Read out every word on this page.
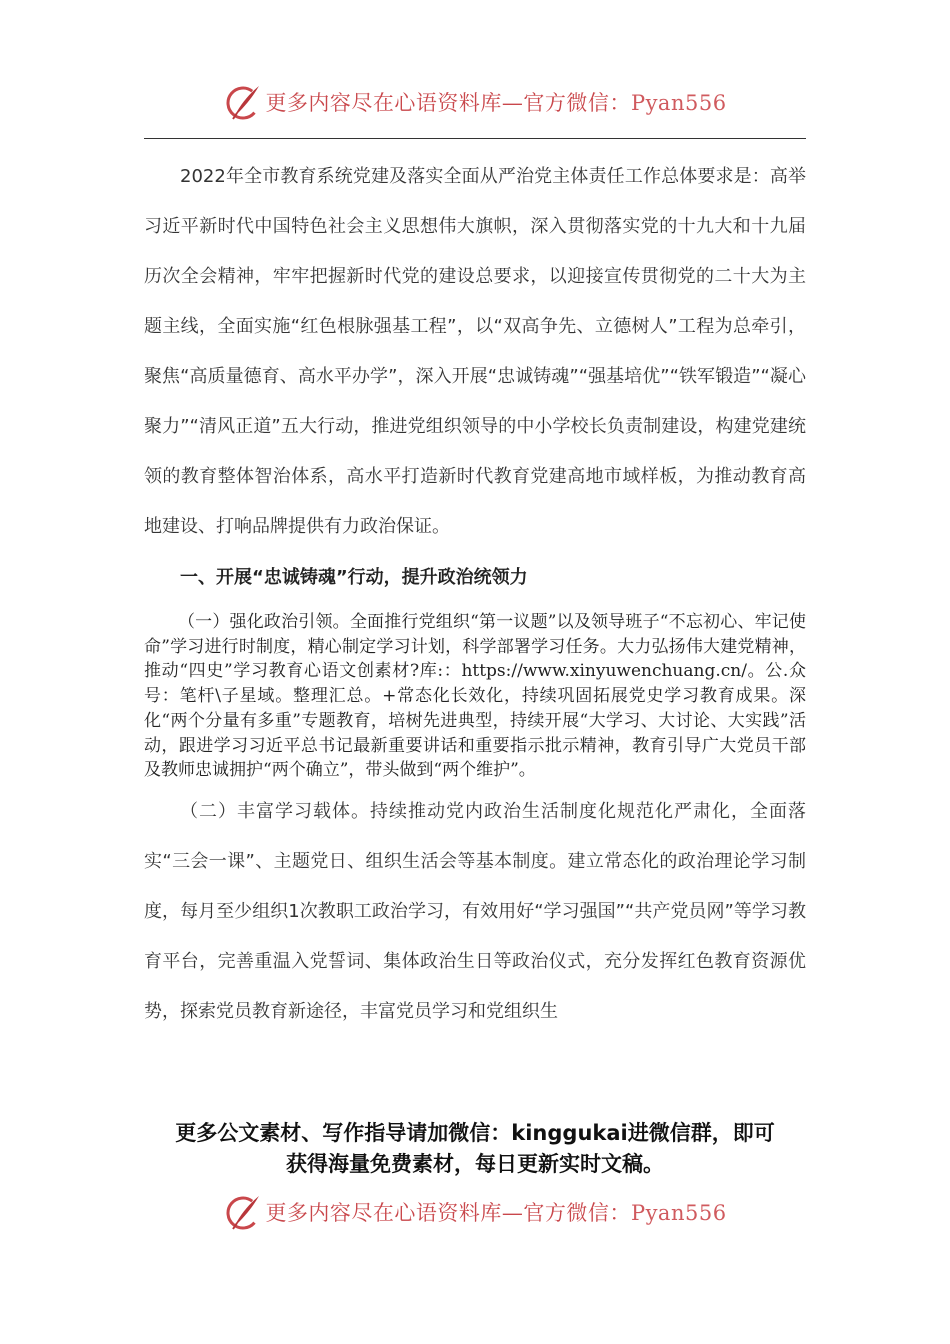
更多内容尽在心语资料库—官方微信：Pyan556

2022年全市教育系统党建及落实全面从严治党主体责任工作总体要求是：高举习近平新时代中国特色社会主义思想伟大旗帜，深入贯彻落实党的十九大和十九届历次全会精神，牢牢把握新时代党的建设总要求，以迎接宣传贯彻党的二十大为主题主线，全面实施“红色根脉强基工程”，以“双高争先、立德树人”工程为总牵引，聚焦“高质量德育、高水平办学”，深入开展“忠诚铸魂”“强基培优”“铁军锻造”“凝心聚力”“清风正道”五大行动，推进党组织领导的中小学校长负责制建设，构建党建统领的教育整体智治体系，高水平打造新时代教育党建高地市域样板，为推动教育高地建设、打响品牌提供有力政治保证。

一、开展“忠诚铸魂”行动，提升政治统领力

（一）强化政治引领。全面推行党组织“第一议题”以及领导班子“不忘初心、牢记使命”学习进行时制度，精心制定学习计划，科学部署学习任务。大力弘扬伟大建党精神，推动“四史”学习教育心语文创素材?库:：https://www.xinyuwenchuang.cn/。公.众号：笔杆\子星域。整理汇总。+常态化长效化，持续巩固拓展党史学习教育成果。深化“两个分量有多重”专题教育，培树先进典型，持续开展“大学习、大讨论、大实践”活动，跟进学习习近平总书记最新重要讲话和重要指示批示精神，教育引导广大党员干部及教师忠诚拥护“两个确立”，带头做到“两个维护”。

（二）丰富学习载体。持续推动党内政治生活制度化规范化严肃化，全面落实“三会一课”、主题党日、组织生活会等基本制度。建立常态化的政治理论学习制度，每月至少组织1次教职工政治学习，有效用好“学习强国”“共产党员网”等学习教育平台，完善重温入党誓词、集体政治生日等政治仪式，充分发挥红色教育资源优势，探索党员教育新途径，丰富党员学习和党组织生

更多公文素材、写作指导请加微信：kinggukai进微信群，即可
获得海量免费素材，每日更新实时文稿。
更多内容尽在心语资料库—官方微信：Pyan556
